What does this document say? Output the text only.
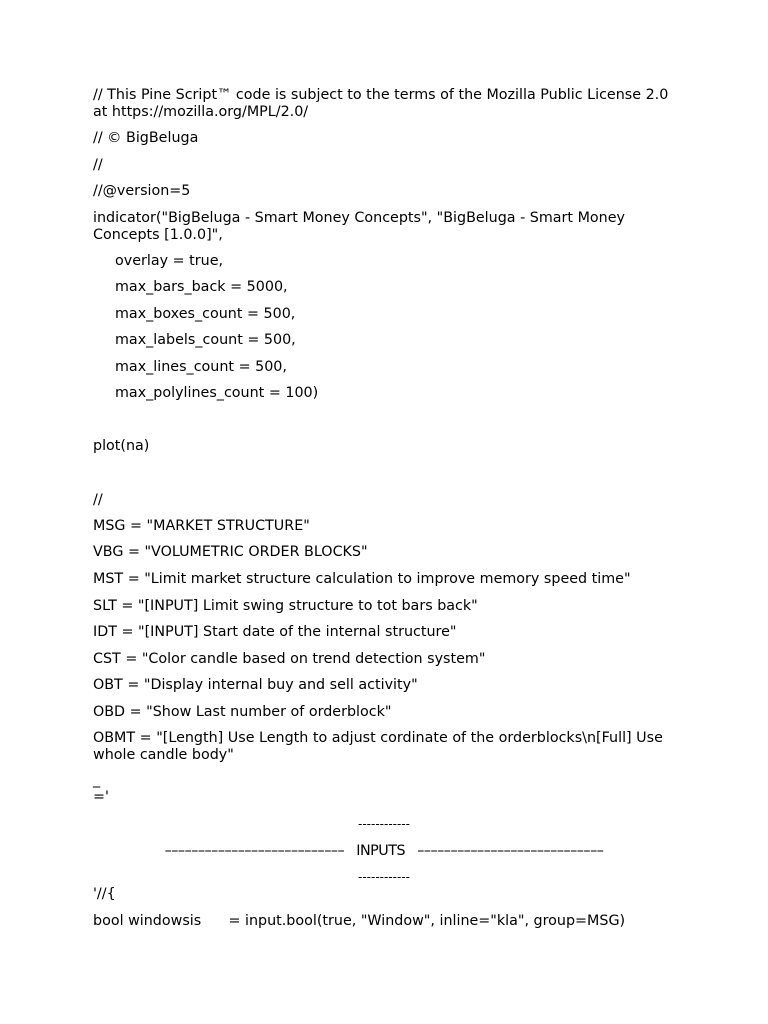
// This Pine Script™ code is subject to the terms of the Mozilla Public License 2.0 at https://mozilla.org/MPL/2.0/

// © BigBeluga

//

//@version=5

indicator("BigBeluga - Smart Money Concepts", "BigBeluga - Smart Money Concepts [1.0.0]",

overlay = true,

max_bars_back = 5000,

max_boxes_count = 500,

max_labels_count = 500,

max_lines_count = 500,

max_polylines_count = 100)

plot(na)

//

MSG = "MARKET STRUCTURE"

VBG = "VOLUMETRIC ORDER BLOCKS"

MST = "Limit market structure calculation to improve memory speed time"

SLT = "[INPUT] Limit swing structure to tot bars back"

IDT = "[INPUT] Start date of the internal structure"

CST = "Color candle based on trend detection system"

OBT = "Display internal buy and sell activity"

OBD = "Show Last number of orderblock"

OBMT = "[Length] Use Length to adjust cordinate of the orderblocks\n[Full] Use whole candle body"

_

='

------------

–––––––––––––––––––––––––––   INPUTS   ––––––––––––––––––––––––––––

------------

'//{

bool windowsis      = input.bool(true, "Window", inline="kla", group=MSG)
